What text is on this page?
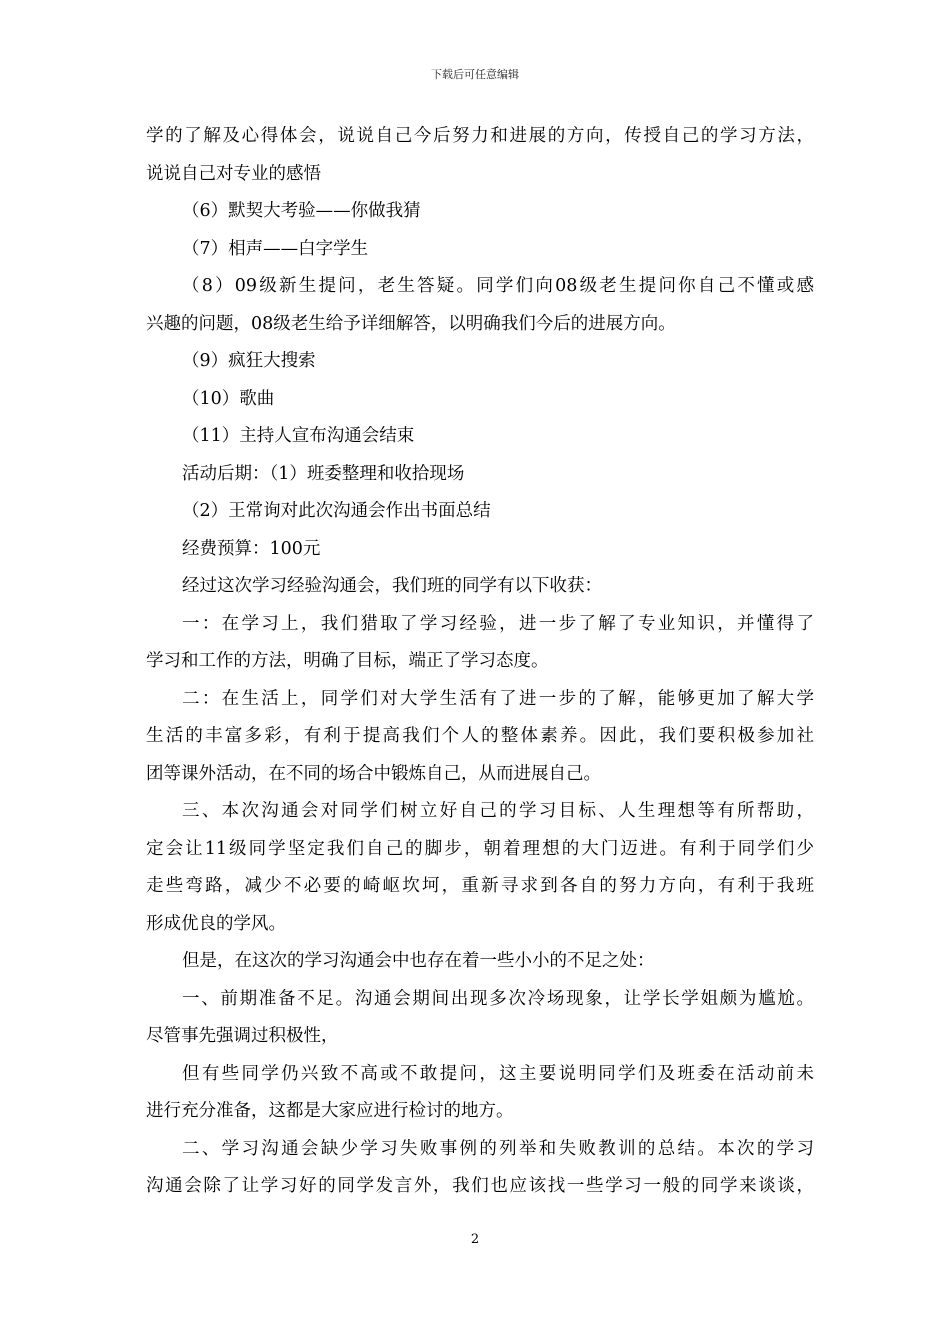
下载后可任意编辑
学的了解及心得体会，说说自己今后努力和进展的方向，传授自己的学习方法，
说说自己对专业的感悟
（6）默契大考验——你做我猜
（7）相声——白字学生
（8）09级新生提问，老生答疑。同学们向08级老生提问你自己不懂或感
兴趣的问题，08级老生给予详细解答，以明确我们今后的进展方向。
（9）疯狂大搜索
（10）歌曲
（11）主持人宣布沟通会结束
活动后期：（1）班委整理和收拾现场
（2）王常询对此次沟通会作出书面总结
经费预算：100元
经过这次学习经验沟通会，我们班的同学有以下收获：
一：在学习上，我们猎取了学习经验，进一步了解了专业知识，并懂得了
学习和工作的方法，明确了目标，端正了学习态度。
二：在生活上，同学们对大学生活有了进一步的了解，能够更加了解大学
生活的丰富多彩，有利于提高我们个人的整体素养。因此，我们要积极参加社
团等课外活动，在不同的场合中锻炼自己，从而进展自己。
三、本次沟通会对同学们树立好自己的学习目标、人生理想等有所帮助，
定会让11级同学坚定我们自己的脚步，朝着理想的大门迈进。有利于同学们少
走些弯路，减少不必要的崎岖坎坷，重新寻求到各自的努力方向，有利于我班
形成优良的学风。
但是，在这次的学习沟通会中也存在着一些小小的不足之处：
一、前期准备不足。沟通会期间出现多次冷场现象，让学长学姐颇为尴尬。
尽管事先强调过积极性，
但有些同学仍兴致不高或不敢提问，这主要说明同学们及班委在活动前未
进行充分准备，这都是大家应进行检讨的地方。
二、学习沟通会缺少学习失败事例的列举和失败教训的总结。本次的学习
沟通会除了让学习好的同学发言外，我们也应该找一些学习一般的同学来谈谈，
2
